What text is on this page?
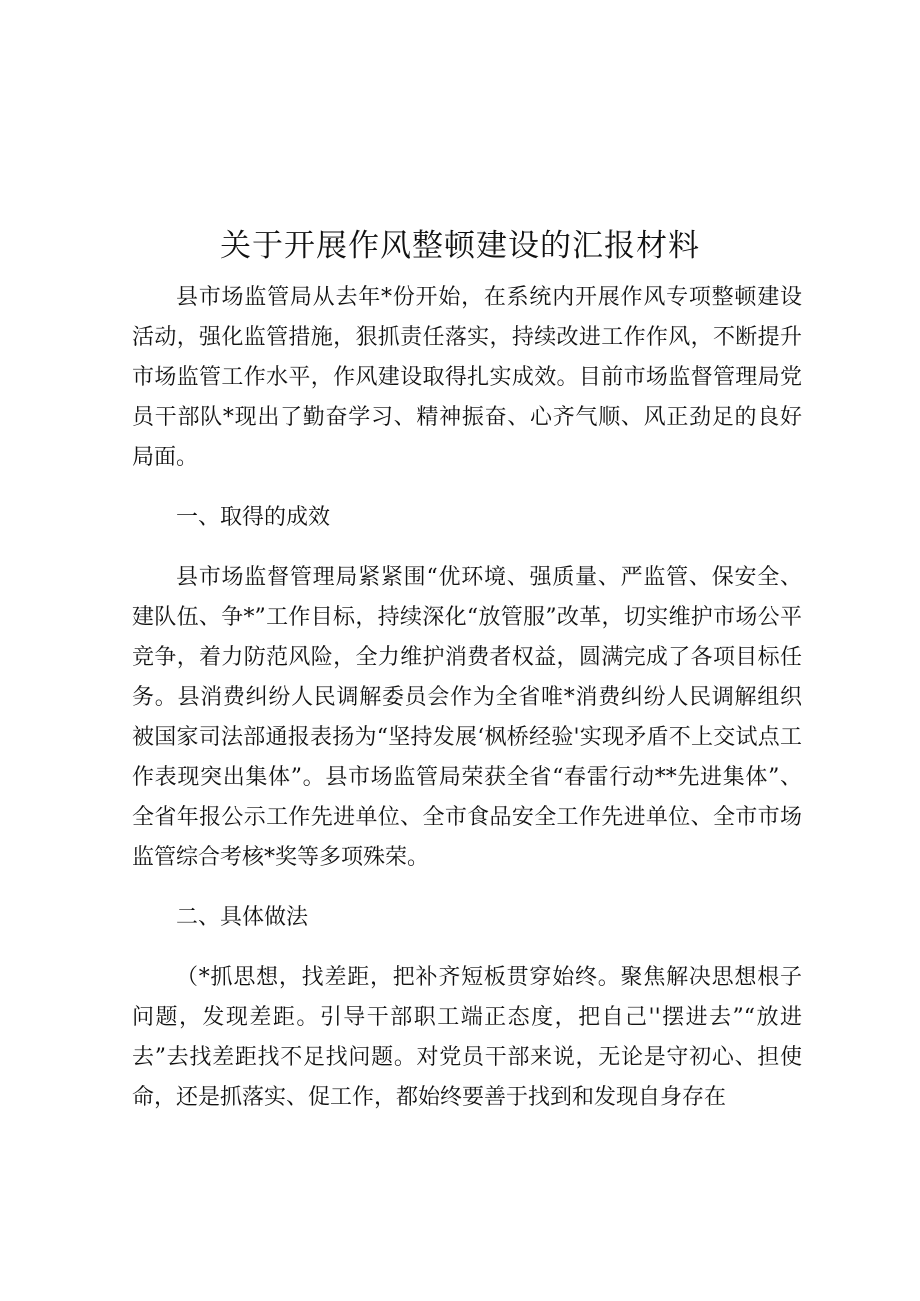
关于开展作风整顿建设的汇报材料

县市场监管局从去年*份开始，在系统内开展作风专项整顿建设活动，强化监管措施，狠抓责任落实，持续改进工作作风，不断提升市场监管工作水平，作风建设取得扎实成效。目前市场监督管理局党员干部队*现出了勤奋学习、精神振奋、心齐气顺、风正劲足的良好局面。

一、取得的成效

县市场监督管理局紧紧围“优环境、强质量、严监管、保安全、建队伍、争*”工作目标，持续深化“放管服”改革，切实维护市场公平竞争，着力防范风险，全力维护消费者权益，圆满完成了各项目标任务。县消费纠纷人民调解委员会作为全省唯*消费纠纷人民调解组织被国家司法部通报表扬为“坚持发展‘枫桥经验'实现矛盾不上交试点工作表现突出集体”。县市场监管局荣获全省“春雷行动**先进集体”、全省年报公示工作先进单位、全市食品安全工作先进单位、全市市场监管综合考核*奖等多项殊荣。

二、具体做法

（*抓思想，找差距，把补齐短板贯穿始终。聚焦解决思想根子问题，发现差距。引导干部职工端正态度，把自己''摆进去”“放进去”去找差距找不足找问题。对党员干部来说，无论是守初心、担使命，还是抓落实、促工作，都始终要善于找到和发现自身存在
